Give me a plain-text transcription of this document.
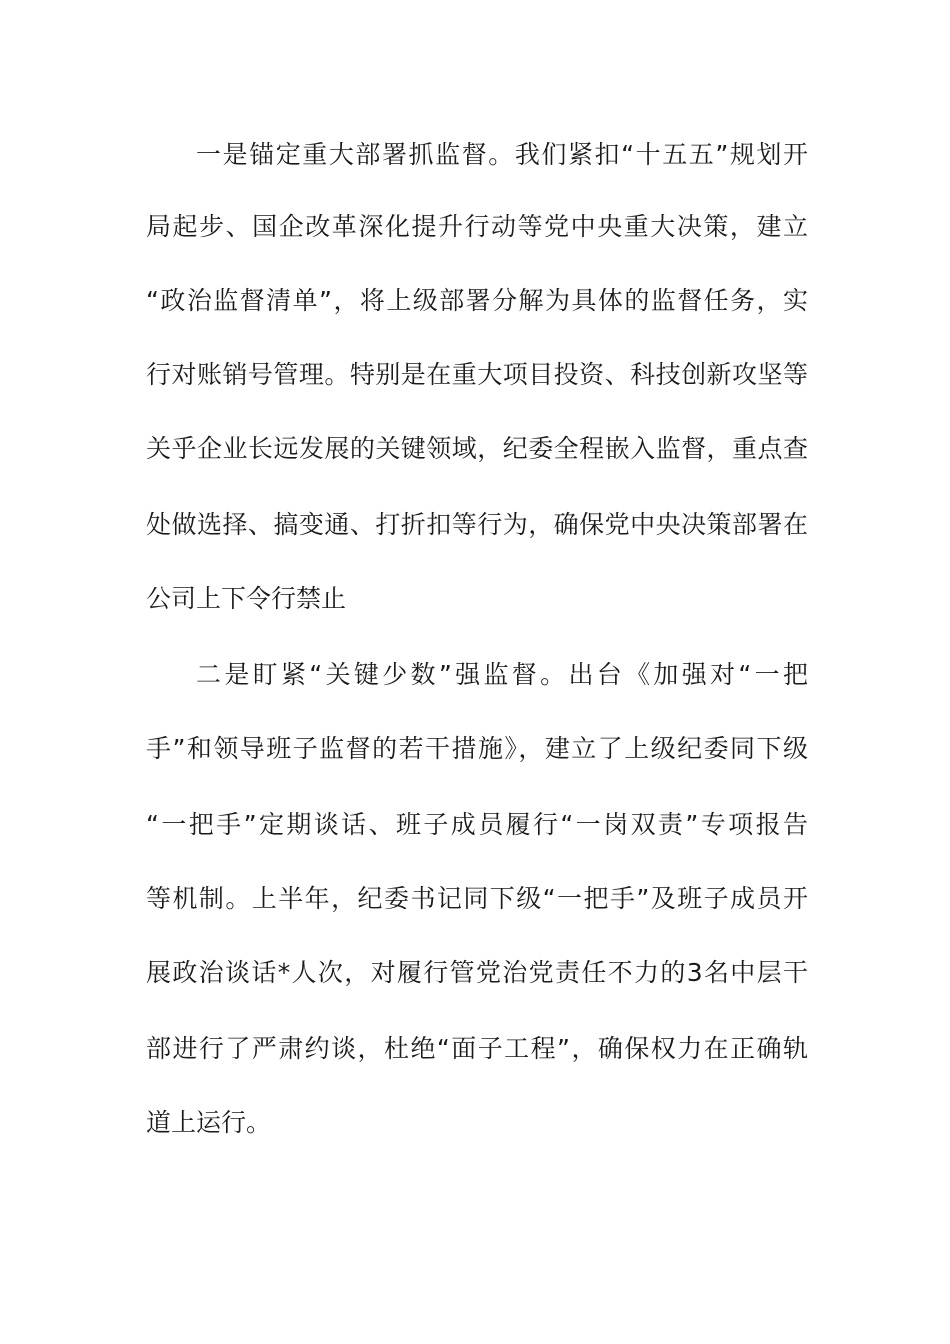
一是锚定重大部署抓监督。我们紧扣“十五五”规划开
局起步、国企改革深化提升行动等党中央重大决策，建立
“政治监督清单”，将上级部署分解为具体的监督任务，实
行对账销号管理。特别是在重大项目投资、科技创新攻坚等
关乎企业长远发展的关键领域，纪委全程嵌入监督，重点查
处做选择、搞变通、打折扣等行为，确保党中央决策部署在
公司上下令行禁止
二是盯紧“关键少数”强监督。出台《加强对“一把
手”和领导班子监督的若干措施》，建立了上级纪委同下级
“一把手”定期谈话、班子成员履行“一岗双责”专项报告
等机制。上半年，纪委书记同下级“一把手”及班子成员开
展政治谈话*人次，对履行管党治党责任不力的3名中层干
部进行了严肃约谈，杜绝“面子工程”，确保权力在正确轨
道上运行。
